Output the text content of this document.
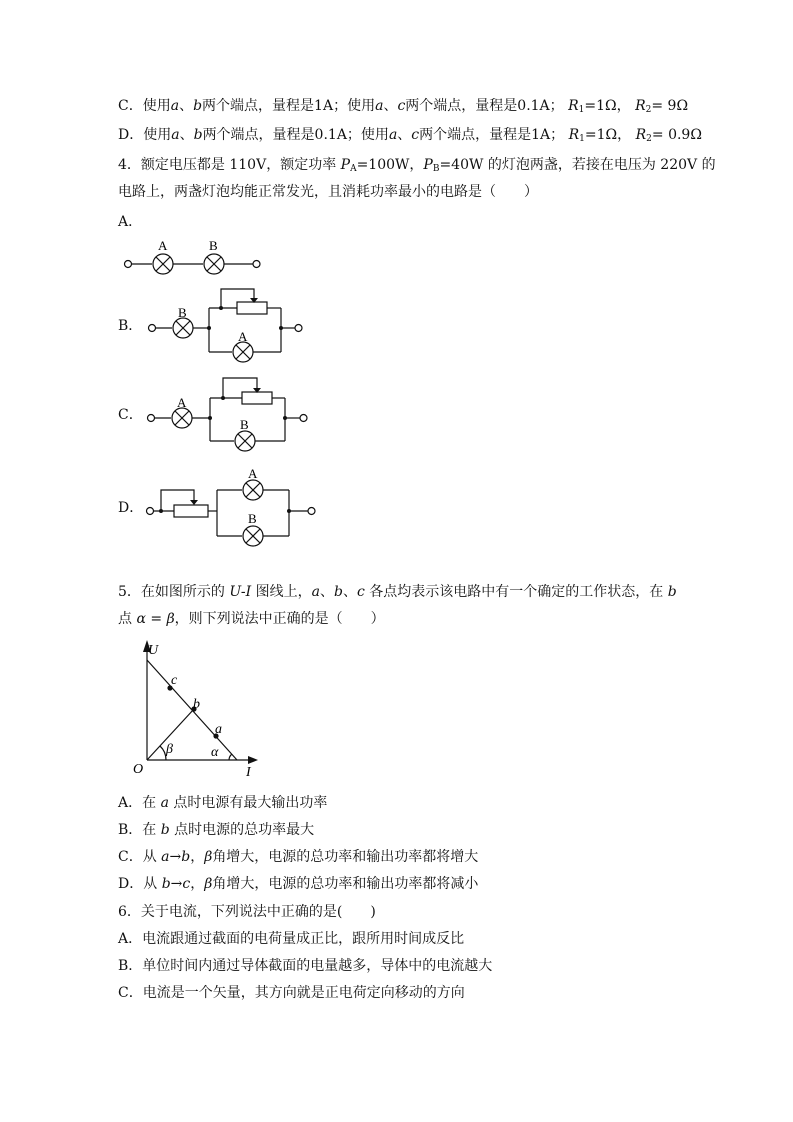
C．使用a、b两个端点，量程是1A；使用a、c两个端点，量程是0.1A； $R_1=1\Omega$， $R_2= 9\Omega$
D．使用a、b两个端点，量程是0.1A；使用a、c两个端点，量程是1A； $R_1=1\Omega$， $R_2= 0.9\Omega$
4．额定电压都是 110V，额定功率 $P_A=100W$，$P_B=40W$ 的灯泡两盏，若接在电压为 220V 的
电路上，两盏灯泡均能正常发光，且消耗功率最小的电路是（　　）
A．
B．
C．
D．
A	B
B
A
A
B
A
B
U
I
O
c
b
a
β	α
5．在如图所示的 U-I 图线上，a、b、c 各点均表示该电路中有一个确定的工作状态，在 b
点 α = β，则下列说法中正确的是（　　）
A．在 a 点时电源有最大输出功率
B．在 b 点时电源的总功率最大
C．从 a→b，β角增大，电源的总功率和输出功率都将增大
D．从 b→c，β角增大，电源的总功率和输出功率都将减小
6．关于电流，下列说法中正确的是(　　)
A．电流跟通过截面的电荷量成正比，跟所用时间成反比
B．单位时间内通过导体截面的电量越多，导体中的电流越大
C．电流是一个矢量，其方向就是正电荷定向移动的方向
